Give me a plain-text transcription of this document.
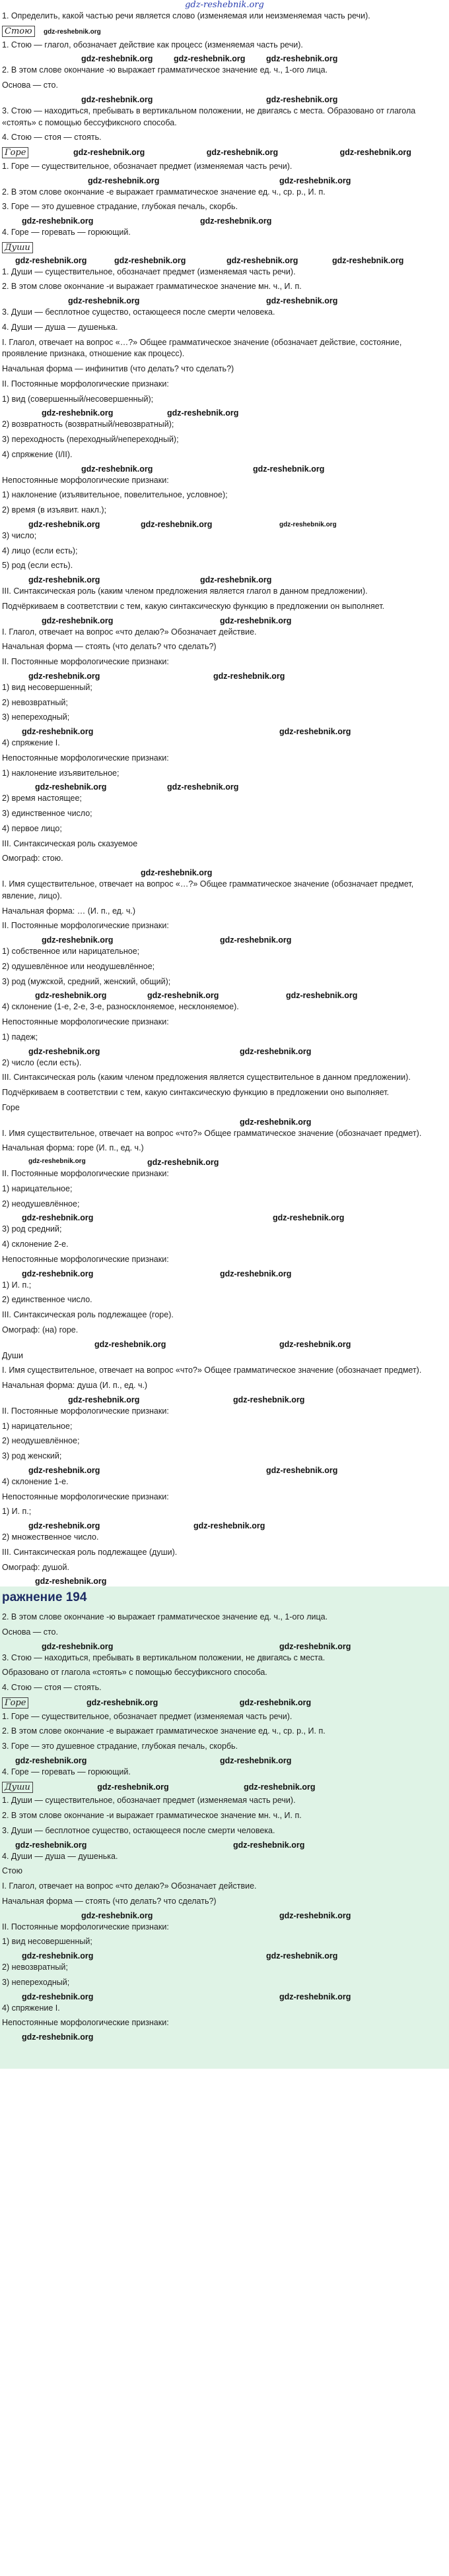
gdz-reshebnik.org

1. Определить, какой частью речи является слово (изменяемая или неизменяемая часть речи).

Стою gdz-reshebnik.org

1. Стою — глагол, обозначает действие как процесс (изменяемая часть речи).

gdz-reshebnik.org	gdz-reshebnik.org	gdz-reshebnik.org

2. В этом слове окончание -ю выражает грамматическое значение ед. ч., 1-ого лица.

Основа — сто.

gdz-reshebnik.org	gdz-reshebnik.org

3. Стою — находиться, пребывать в вертикальном положении, не двигаясь с места. Образовано от глагола «стоять» с помощью бессуфиксного способа.

4. Стою — стоя — стоять.

Горе	gdz-reshebnik.org	gdz-reshebnik.org	gdz-reshebnik.org

1. Горе — существительное, обозначает предмет (изменяемая часть речи).

gdz-reshebnik.org	gdz-reshebnik.org

2. В этом слове окончание -е выражает грамматическое значение ед. ч., ср. р., И. п.

3. Горе — это душевное страдание, глубокая печаль, скорбь.

gdz-reshebnik.org	gdz-reshebnik.org

4. Горе — горевать — горюющий.

Души
gdz-reshebnik.org	gdz-reshebnik.org	gdz-reshebnik.org	gdz-reshebnik.org

1. Души — существительное, обозначает предмет (изменяемая часть речи).

2. В этом слове окончание -и выражает грамматическое значение мн. ч., И. п.

gdz-reshebnik.org	gdz-reshebnik.org

3. Души — бесплотное существо, остающееся после смерти человека.

4. Души — душа — душенька.

I. Глагол, отвечает на вопрос «…?» Общее грамматическое значение (обозначает действие, состояние, проявление признака, отношение как процесс).

Начальная форма — инфинитив (что делать? что сделать?)

II. Постоянные морфологические признаки:

1) вид (совершенный/несовершенный);

gdz-reshebnik.org	gdz-reshebnik.org

2) возвратность (возвратный/невозвратный);

3) переходность (переходный/непереходный);

4) спряжение (I/II).

gdz-reshebnik.org	gdz-reshebnik.org

Непостоянные морфологические признаки:

1) наклонение (изъявительное, повелительное, условное);

2) время (в изъявит. накл.);

gdz-reshebnik.org	gdz-reshebnik.org	gdz-reshebnik.org

3) число;

4) лицо (если есть);

5) род (если есть).

gdz-reshebnik.org	gdz-reshebnik.org

III. Синтаксическая роль (каким членом предложения является глагол в данном предложении).

Подчёркиваем в соответствии с тем, какую синтаксическую функцию в предложении он выполняет.

gdz-reshebnik.org	gdz-reshebnik.org

I. Глагол, отвечает на вопрос «что делаю?» Обозначает действие.

Начальная форма — стоять (что делать? что сделать?)

II. Постоянные морфологические признаки:

gdz-reshebnik.org	gdz-reshebnik.org

1) вид несовершенный;

2) невозвратный;

3) непереходный;

gdz-reshebnik.org	gdz-reshebnik.org

4) спряжение I.

Непостоянные морфологические признаки:

1) наклонение изъявительное;

gdz-reshebnik.org	gdz-reshebnik.org

2) время настоящее;

3) единственное число;

4) первое лицо;

III. Синтаксическая роль сказуемое

Омограф: стою.

gdz-reshebnik.org

I. Имя существительное, отвечает на вопрос «…?» Общее грамматическое значение (обозначает предмет, явление, лицо).

Начальная форма: … (И. п., ед. ч.)

II. Постоянные морфологические признаки:

gdz-reshebnik.org	gdz-reshebnik.org

1) собственное или нарицательное;

2) одушевлённое или неодушевлённое;

3) род (мужской, средний, женский, общий);

gdz-reshebnik.org	gdz-reshebnik.org	gdz-reshebnik.org

4) склонение (1-е, 2-е, 3-е, разносклоняемое, несклоняемое).

Непостоянные морфологические признаки:

1) падеж;

gdz-reshebnik.org	gdz-reshebnik.org

2) число (если есть).

III. Синтаксическая роль (каким членом предложения является существительное в данном предложении).

Подчёркиваем в соответствии с тем, какую синтаксическую функцию в предложении оно выполняет.

Горе

gdz-reshebnik.org

I. Имя существительное, отвечает на вопрос «что?» Общее грамматическое значение (обозначает предмет).

Начальная форма: горе (И. п., ед. ч.)

gdz-reshebnik.org	gdz-reshebnik.org

II. Постоянные морфологические признаки:

1) нарицательное;

2) неодушевлённое;

gdz-reshebnik.org	gdz-reshebnik.org

3) род средний;

4) склонение 2-е.

Непостоянные морфологические признаки:

gdz-reshebnik.org	gdz-reshebnik.org

1) И. п.;

2) единственное число.

III. Синтаксическая роль подлежащее (горе).

Омограф: (на) горе.

gdz-reshebnik.org	gdz-reshebnik.org

Души

I. Имя существительное, отвечает на вопрос «что?» Общее грамматическое значение (обозначает предмет).

Начальная форма: душа (И. п., ед. ч.)

gdz-reshebnik.org	gdz-reshebnik.org

II. Постоянные морфологические признаки:

1) нарицательное;

2) неодушевлённое;

3) род женский;

gdz-reshebnik.org	gdz-reshebnik.org

4) склонение 1-е.

Непостоянные морфологические признаки:

1) И. п.;

gdz-reshebnik.org	gdz-reshebnik.org

2) множественное число.

III. Синтаксическая роль подлежащее (души).

Омограф: душой.

gdz-reshebnik.org
ражнение 194

2. В этом слове окончание -ю выражает грамматическое значение ед. ч., 1-ого лица.

Основа — сто.

gdz-reshebnik.org	gdz-reshebnik.org

3. Стою — находиться, пребывать в вертикальном положении, не двигаясь с места.

Образовано от глагола «стоять» с помощью бессуфиксного способа.

4. Стою — стоя — стоять.

Горе	gdz-reshebnik.org	gdz-reshebnik.org

1. Горе — существительное, обозначает предмет (изменяемая часть речи).

2. В этом слове окончание -е выражает грамматическое значение ед. ч., ср. р., И. п.

3. Горе — это душевное страдание, глубокая печаль, скорбь.

gdz-reshebnik.org	gdz-reshebnik.org

4. Горе — горевать — горюющий.

Души	gdz-reshebnik.org	gdz-reshebnik.org

1. Души — существительное, обозначает предмет (изменяемая часть речи).

2. В этом слове окончание -и выражает грамматическое значение мн. ч., И. п.

3. Души — бесплотное существо, остающееся после смерти человека.

gdz-reshebnik.org	gdz-reshebnik.org

4. Души — душа — душенька.

Стою

I. Глагол, отвечает на вопрос «что делаю?» Обозначает действие.

Начальная форма — стоять (что делать? что сделать?)

gdz-reshebnik.org	gdz-reshebnik.org

II. Постоянные морфологические признаки:

1) вид несовершенный;

gdz-reshebnik.org	gdz-reshebnik.org

2) невозвратный;

3) непереходный;

gdz-reshebnik.org	gdz-reshebnik.org

4) спряжение I.

Непостоянные морфологические признаки:

gdz-reshebnik.org
